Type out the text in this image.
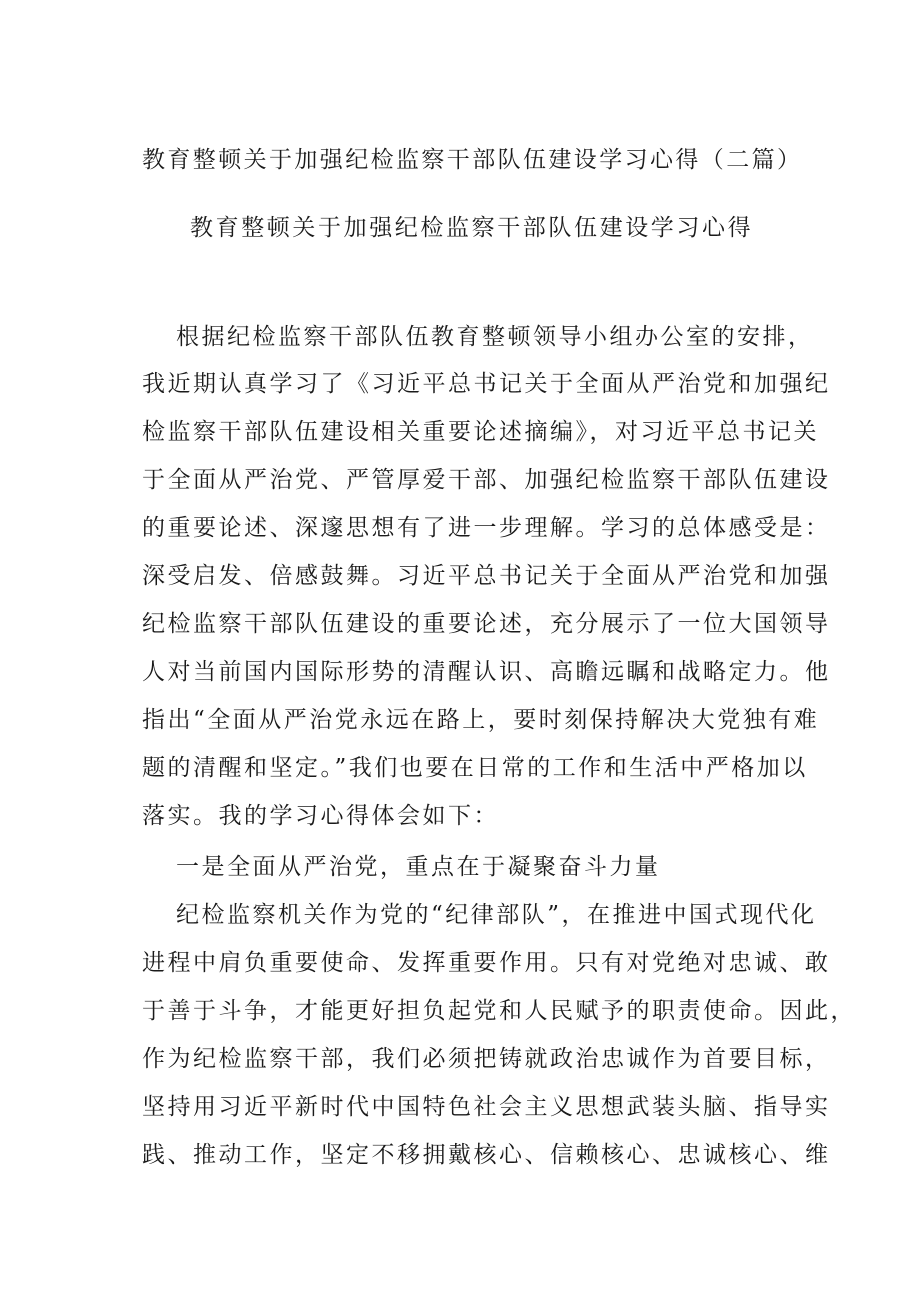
教育整顿关于加强纪检监察干部队伍建设学习心得（二篇）
教育整顿关于加强纪检监察干部队伍建设学习心得
根据纪检监察干部队伍教育整顿领导小组办公室的安排，
我近期认真学习了《习近平总书记关于全面从严治党和加强纪
检监察干部队伍建设相关重要论述摘编》，对习近平总书记关
于全面从严治党、严管厚爱干部、加强纪检监察干部队伍建设
的重要论述、深邃思想有了进一步理解。学习的总体感受是：
深受启发、倍感鼓舞。习近平总书记关于全面从严治党和加强
纪检监察干部队伍建设的重要论述，充分展示了一位大国领导
人对当前国内国际形势的清醒认识、高瞻远瞩和战略定力。他
指出“全面从严治党永远在路上，要时刻保持解决大党独有难
题的清醒和坚定。”我们也要在日常的工作和生活中严格加以
落实。我的学习心得体会如下：
一是全面从严治党，重点在于凝聚奋斗力量
纪检监察机关作为党的“纪律部队”，在推进中国式现代化
进程中肩负重要使命、发挥重要作用。只有对党绝对忠诚、敢
于善于斗争，才能更好担负起党和人民赋予的职责使命。因此，
作为纪检监察干部，我们必须把铸就政治忠诚作为首要目标，
坚持用习近平新时代中国特色社会主义思想武装头脑、指导实
践、推动工作，坚定不移拥戴核心、信赖核心、忠诚核心、维
